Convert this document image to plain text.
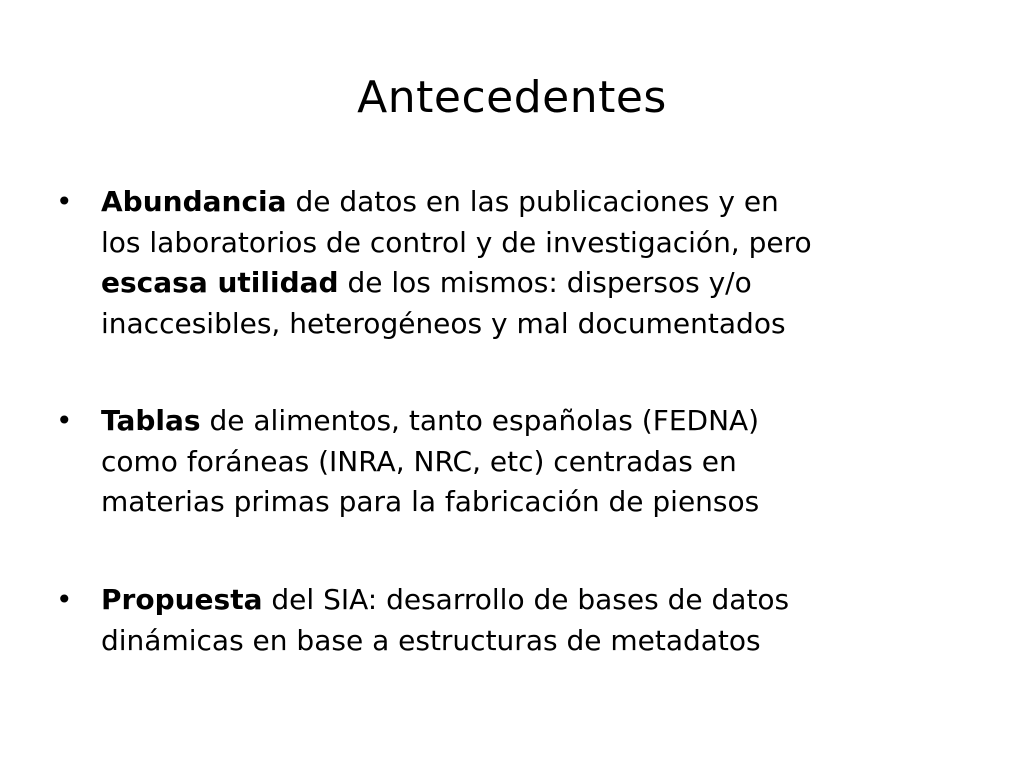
Antecedentes
• Abundancia de datos en las publicaciones y en
los laboratorios de control y de investigación, pero
escasa utilidad de los mismos: dispersos y/o
inaccesibles, heterogéneos y mal documentados
• Tablas de alimentos, tanto españolas (FEDNA)
como foráneas (INRA, NRC, etc) centradas en
materias primas para la fabricación de piensos
• Propuesta del SIA: desarrollo de bases de datos
dinámicas en base a estructuras de metadatos
